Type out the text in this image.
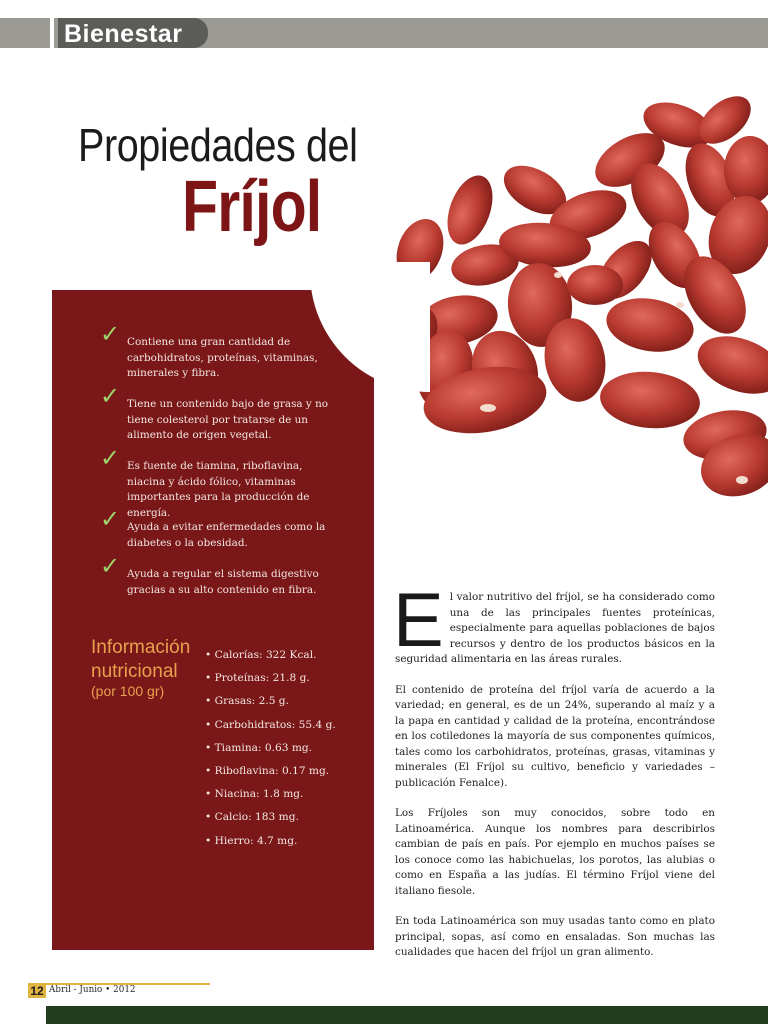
Bienestar
Propiedades del
Fríjol
✓ Contiene una gran cantidad de carbohidratos, proteínas, vitaminas, minerales y fibra.
✓ Tiene un contenido bajo de grasa y no tiene colesterol por tratarse de un alimento de origen vegetal.
✓ Es fuente de tiamina, riboflavina, niacina y ácido fólico, vitaminas importantes para la producción de energía.
✓ Ayuda a evitar enfermedades como la diabetes o la obesidad.
✓ Ayuda a regular el sistema digestivo gracias a su alto contenido en fibra.
Información
nutricional
(por 100 gr)
• Calorías: 322 Kcal.
• Proteínas: 21.8 g.
• Grasas: 2.5 g.
• Carbohidratos: 55.4 g.
• Tiamina: 0.63 mg.
• Riboflavina: 0.17 mg.
• Niacina: 1.8 mg.
• Calcio: 183 mg.
• Hierro: 4.7 mg.

El valor nutritivo del fríjol, se ha considerado como una de las principales fuentes proteínicas, especialmente para aquellas poblaciones de bajos recursos y dentro de los productos básicos en la seguridad alimentaria en las áreas rurales.

El contenido de proteína del fríjol varía de acuerdo a la variedad; en general, es de un 24%, superando al maíz y a la papa en cantidad y calidad de la proteína, encontrándose en los cotiledones la mayoría de sus componentes químicos, tales como los carbohidratos, proteínas, grasas, vitaminas y minerales (El Fríjol su cultivo, beneficio y variedades – publicación Fenalce).

Los Fríjoles son muy conocidos, sobre todo en Latinoamérica. Aunque los nombres para describirlos cambian de país en país. Por ejemplo en muchos países se los conoce como las habichuelas, los porotos, las alubias o como en España a las judías. El término Fríjol viene del italiano fiesole.

En toda Latinoamérica son muy usadas tanto como en plato principal, sopas, así como en ensaladas. Son muchas las cualidades que hacen del fríjol un gran alimento.

12 Abril - Junio • 2012
